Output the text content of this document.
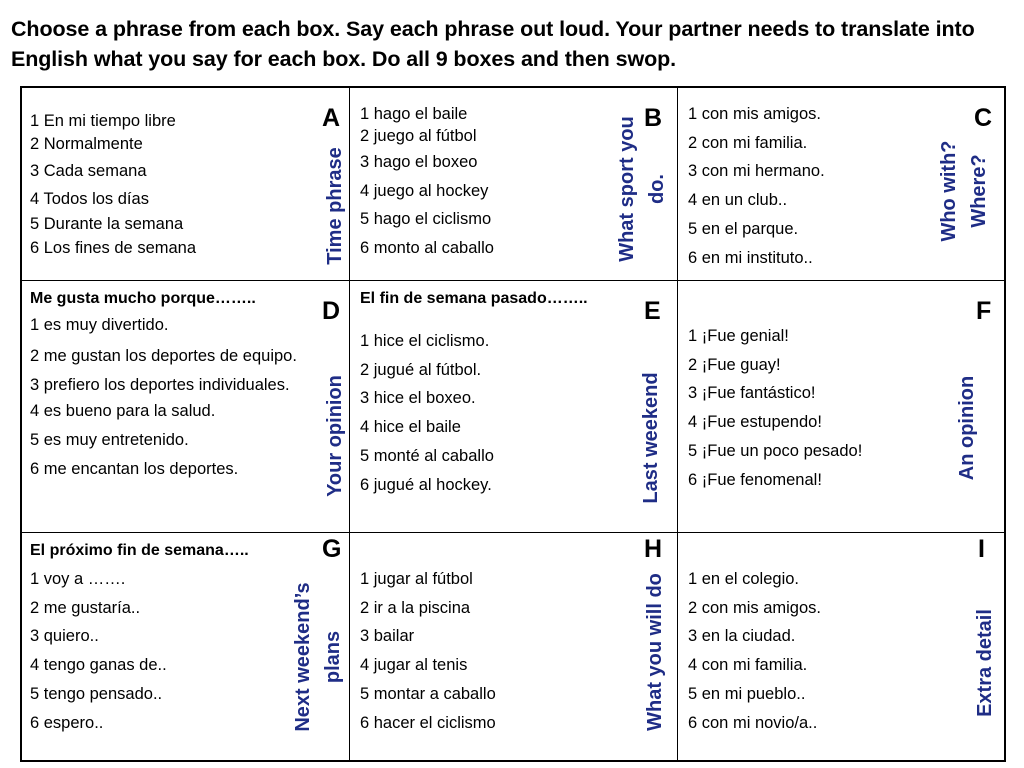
Choose a phrase from each box. Say each phrase out loud. Your partner needs to translate into English what you say for each box. Do all 9 boxes and then swop.
1 En mi tiempo libre
2 Normalmente
3 Cada semana
4 Todos los días
5 Durante la semana
6 Los fines de semana
A
Time phrase
1 hago el baile
2 juego al fútbol
3 hago el boxeo
4 juego al hockey
5 hago el ciclismo
6 monto al caballo
B
What sport you do.
1 con mis amigos.
2 con mi familia.
3 con mi hermano.
4 en un club..
5 en el parque.
6 en mi instituto..
C
Who with? Where?
Me gusta mucho porque……..
1 es muy divertido.
2 me gustan los deportes de equipo.
3 prefiero los deportes individuales.
4 es bueno para la salud.
5 es muy entretenido.
6 me encantan los deportes.
D
Your opinion
El fin de semana pasado……..
1 hice el ciclismo.
2 jugué al fútbol.
3 hice el boxeo.
4 hice el baile
5 monté al caballo
6 jugué al hockey.
E
Last weekend
1 ¡Fue genial!
2 ¡Fue guay!
3 ¡Fue fantástico!
4 ¡Fue estupendo!
5 ¡Fue un poco pesado!
6 ¡Fue fenomenal!
F
An opinion
El próximo fin de semana…..
1 voy a …….
2 me gustaría..
3 quiero..
4 tengo ganas de..
5 tengo pensado..
6 espero..
G
Next weekend’s plans
1 jugar al fútbol
2 ir a la piscina
3 bailar
4 jugar al tenis
5 montar a caballo
6 hacer el ciclismo
H
What you will do 1 en el colegio.
2 con mis amigos.
3 en la ciudad.
4 con mi familia.
5 en mi pueblo..
6 con mi novio/a..
I
Extra detail
